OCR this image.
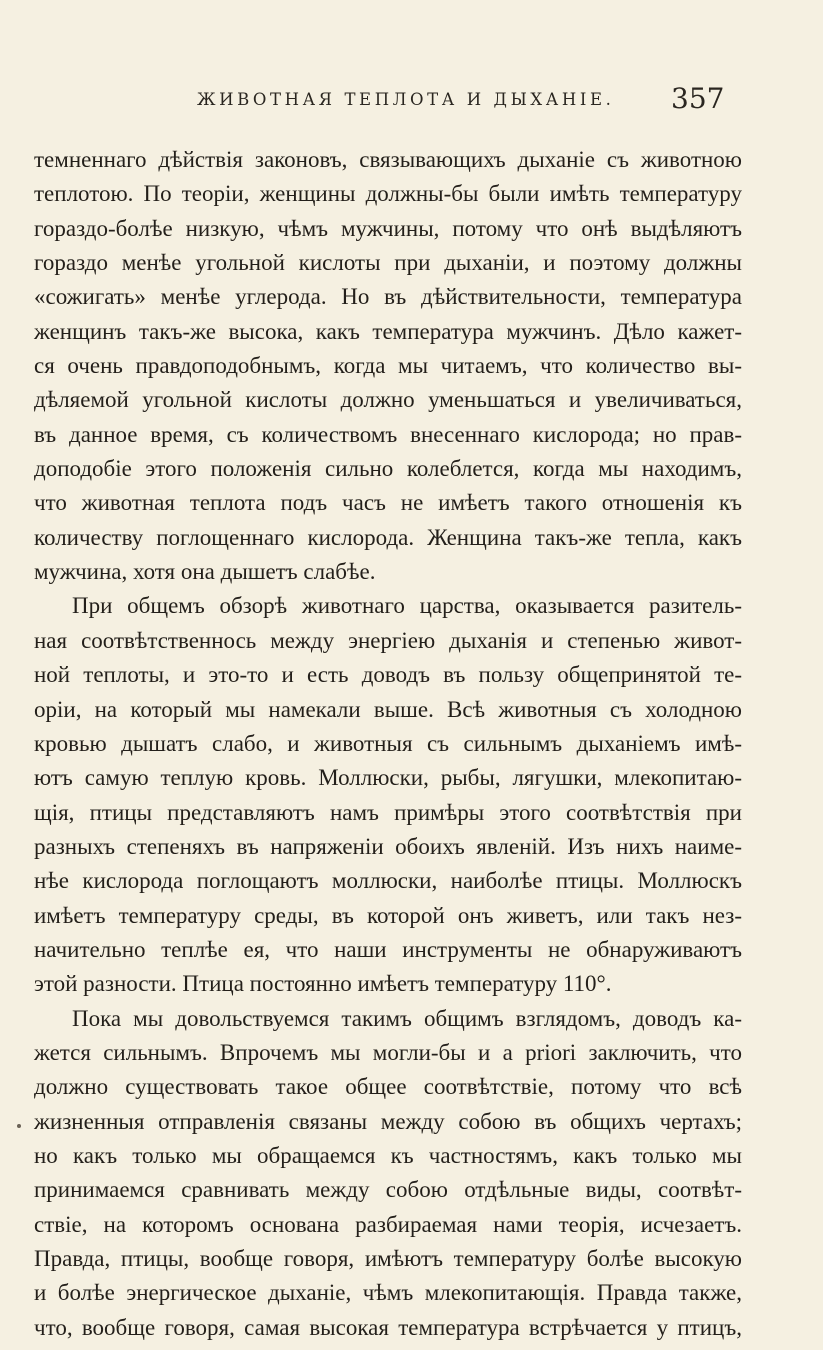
ЖИВОТНАЯ ТЕПЛОТА И ДЫХАНІЕ. 357
темненнаго дѣйствія законовъ, связывающихъ дыханіе съ животною
теплотою. По теоріи, женщины должны-бы были имѣть температуру
гораздо-болѣе низкую, чѣмъ мужчины, потому что онѣ выдѣляютъ
гораздо менѣе угольной кислоты при дыханіи, и поэтому должны
«сожигать» менѣе углерода. Но въ дѣйствительности, температура
женщинъ такъ-же высока, какъ температура мужчинъ. Дѣло кажет-
ся очень правдоподобнымъ, когда мы читаемъ, что количество вы-
дѣляемой угольной кислоты должно уменьшаться и увеличиваться,
въ данное время, съ количествомъ внесеннаго кислорода; но прав-
доподобіе этого положенія сильно колеблется, когда мы находимъ,
что животная теплота подъ часъ не имѣетъ такого отношенія къ
количеству поглощеннаго кислорода. Женщина такъ-же тепла, какъ
мужчина, хотя она дышетъ слабѣе.
При общемъ обзорѣ животнаго царства, оказывается разитель-
ная соотвѣтственнось между энергіею дыханія и степенью живот-
ной теплоты, и это-то и есть доводъ въ пользу общепринятой те-
оріи, на который мы намекали выше. Всѣ животныя съ холодною
кровью дышатъ слабо, и животныя съ сильнымъ дыханіемъ имѣ-
ютъ самую теплую кровь. Моллюски, рыбы, лягушки, млекопитаю-
щія, птицы представляютъ намъ примѣры этого соотвѣтствія при
разныхъ степеняхъ въ напряженіи обоихъ явленій. Изъ нихъ наиме-
нѣе кислорода поглощаютъ моллюски, наиболѣе птицы. Моллюскъ
имѣетъ температуру среды, въ которой онъ живетъ, или такъ нез-
начительно теплѣе ея, что наши инструменты не обнаруживаютъ
этой разности. Птица постоянно имѣетъ температуру 110°.
Пока мы довольствуемся такимъ общимъ взглядомъ, доводъ ка-
жется сильнымъ. Впрочемъ мы могли-бы и a priori заключить, что
должно существовать такое общее соотвѣтствіе, потому что всѣ
жизненныя отправленія связаны между собою въ общихъ чертахъ;
но какъ только мы обращаемся къ частностямъ, какъ только мы
принимаемся сравнивать между собою отдѣльные виды, соотвѣт-
ствіе, на которомъ основана разбираемая нами теорія, исчезаетъ.
Правда, птицы, вообще говоря, имѣютъ температуру болѣе высокую
и болѣе энергическое дыханіе, чѣмъ млекопитающія. Правда также,
что, вообще говоря, самая высокая температура встрѣчается у птицъ,
